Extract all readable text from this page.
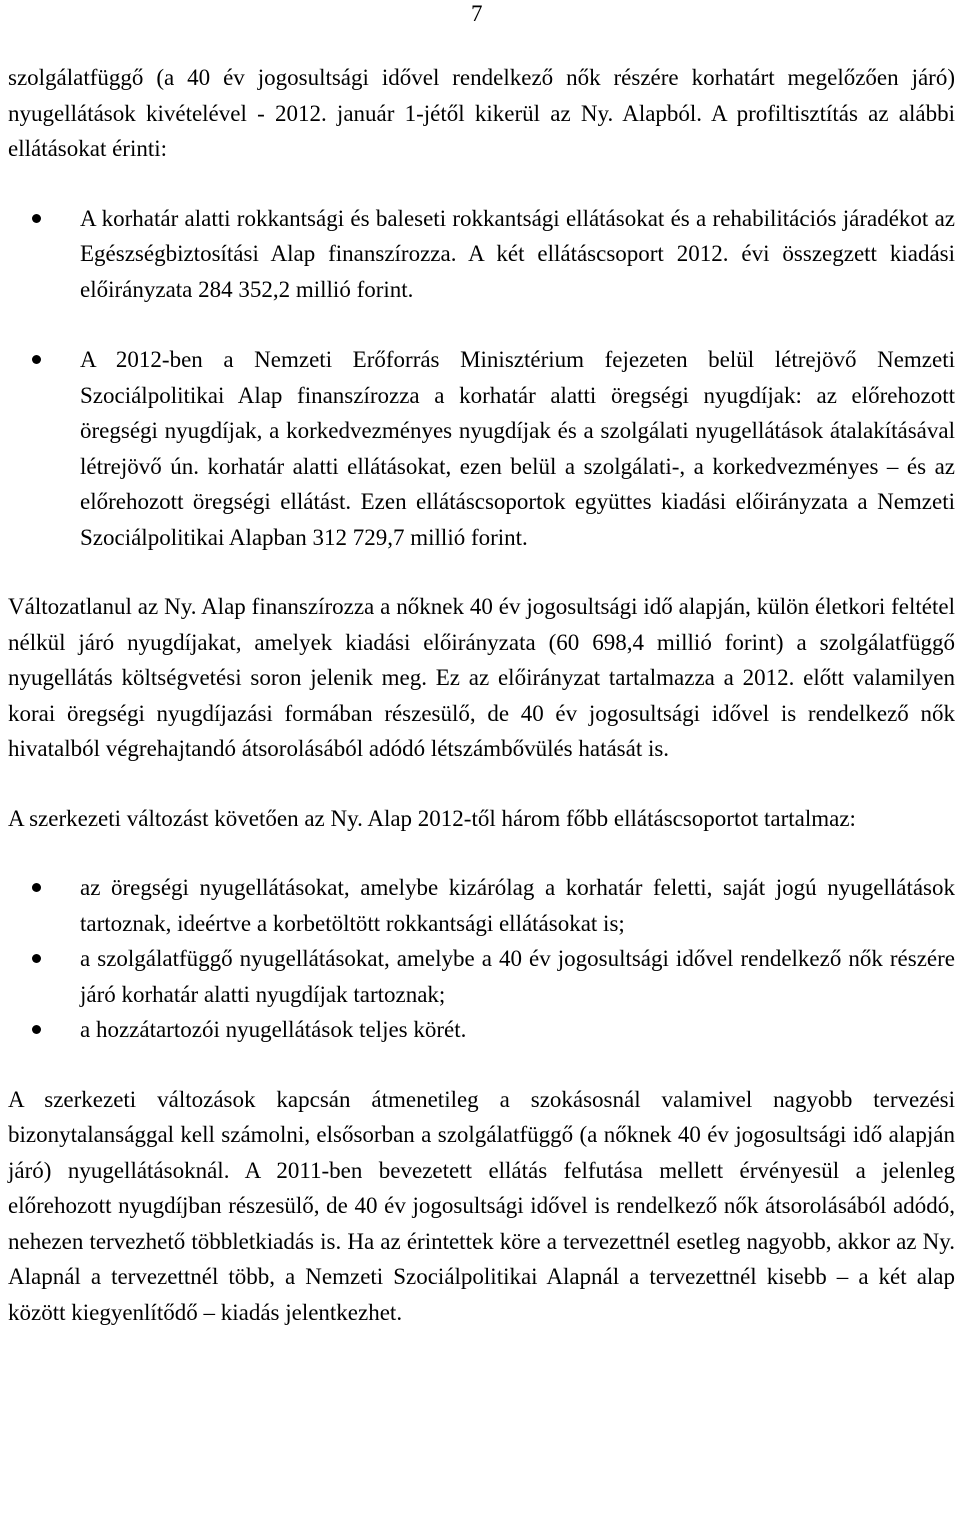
7

szolgálatfüggő (a 40 év jogosultsági idővel rendelkező nők részére korhatárt megelőzően járó) nyugellátások kivételével - 2012. január 1-jétől kikerül az Ny. Alapból. A profiltisztítás az alábbi ellátásokat érinti:

A korhatár alatti rokkantsági és baleseti rokkantsági ellátásokat és a rehabilitációs járadékot az Egészségbiztosítási Alap finanszírozza. A két ellátáscsoport 2012. évi összegzett kiadási előirányzata 284 352,2 millió forint.
A 2012-ben a Nemzeti Erőforrás Minisztérium fejezeten belül létrejövő Nemzeti Szociálpolitikai Alap finanszírozza a korhatár alatti öregségi nyugdíjak: az előrehozott öregségi nyugdíjak, a korkedvezményes nyugdíjak és a szolgálati nyugellátások átalakításával létrejövő ún. korhatár alatti ellátásokat, ezen belül a szolgálati-, a korkedvezményes – és az előrehozott öregségi ellátást. Ezen ellátáscsoportok együttes kiadási előirányzata a Nemzeti Szociálpolitikai Alapban 312 729,7 millió forint.

Változatlanul az Ny. Alap finanszírozza a nőknek 40 év jogosultsági idő alapján, külön életkori feltétel nélkül járó nyugdíjakat, amelyek kiadási előirányzata (60 698,4 millió forint) a szolgálatfüggő nyugellátás költségvetési soron jelenik meg. Ez az előirányzat tartalmazza a 2012. előtt valamilyen korai öregségi nyugdíjazási formában részesülő, de 40 év jogosultsági idővel is rendelkező nők hivatalból végrehajtandó átsorolásából adódó létszámbővülés hatását is.

A szerkezeti változást követően az Ny. Alap 2012-től három főbb ellátáscsoportot tartalmaz:

az öregségi nyugellátásokat, amelybe kizárólag a korhatár feletti, saját jogú nyugellátások tartoznak, ideértve a korbetöltött rokkantsági ellátásokat is;
a szolgálatfüggő nyugellátásokat, amelybe a 40 év jogosultsági idővel rendelkező nők részére járó korhatár alatti nyugdíjak tartoznak;
a hozzátartozói nyugellátások teljes körét.

A szerkezeti változások kapcsán átmenetileg a szokásosnál valamivel nagyobb tervezési bizonytalansággal kell számolni, elsősorban a szolgálatfüggő (a nőknek 40 év jogosultsági idő alapján járó) nyugellátásoknál. A 2011-ben bevezetett ellátás felfutása mellett érvényesül a jelenleg előrehozott nyugdíjban részesülő, de 40 év jogosultsági idővel is rendelkező nők átsorolásából adódó, nehezen tervezhető többletkiadás is. Ha az érintettek köre a tervezettnél esetleg nagyobb, akkor az Ny. Alapnál a tervezettnél több, a Nemzeti Szociálpolitikai Alapnál a tervezettnél kisebb – a két alap között kiegyenlítődő – kiadás jelentkezhet.
